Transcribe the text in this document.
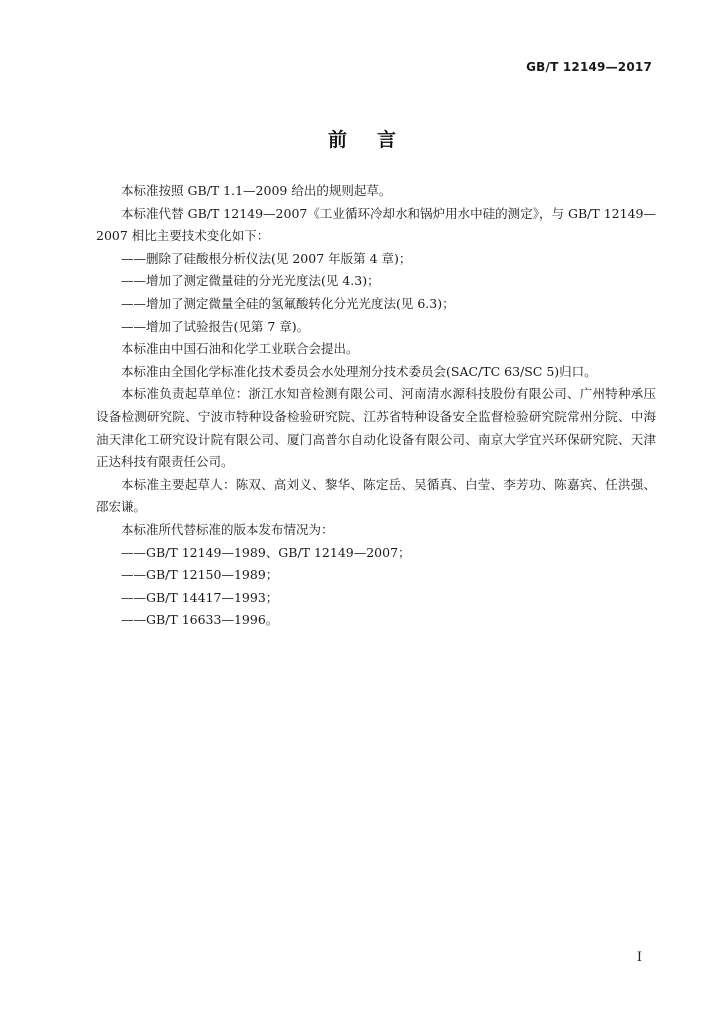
GB/T 12149—2017
前言

本标准按照 GB/T 1.1—2009 给出的规则起草。

本标准代替 GB/T 12149—2007《工业循环冷却水和锅炉用水中硅的测定》，与 GB/T 12149—2007 相比主要技术变化如下：

——删除了硅酸根分析仪法(见 2007 年版第 4 章)；

——增加了测定微量硅的分光光度法(见 4.3)；

——增加了测定微量全硅的氢氟酸转化分光光度法(见 6.3)；

——增加了试验报告(见第 7 章)。

本标准由中国石油和化学工业联合会提出。

本标准由全国化学标准化技术委员会水处理剂分技术委员会(SAC/TC 63/SC 5)归口。

本标准负责起草单位：浙江水知音检测有限公司、河南清水源科技股份有限公司、广州特种承压设备检测研究院、宁波市特种设备检验研究院、江苏省特种设备安全监督检验研究院常州分院、中海油天津化工研究设计院有限公司、厦门高普尔自动化设备有限公司、南京大学宜兴环保研究院、天津正达科技有限责任公司。

本标准主要起草人：陈双、高刘义、黎华、陈定岳、吴循真、白莹、李芳功、陈嘉宾、任洪强、邵宏谦。

本标准所代替标准的版本发布情况为：

——GB/T 12149—1989、GB/T 12149—2007；

——GB/T 12150—1989；

——GB/T 14417—1993；

——GB/T 16633—1996。

I
